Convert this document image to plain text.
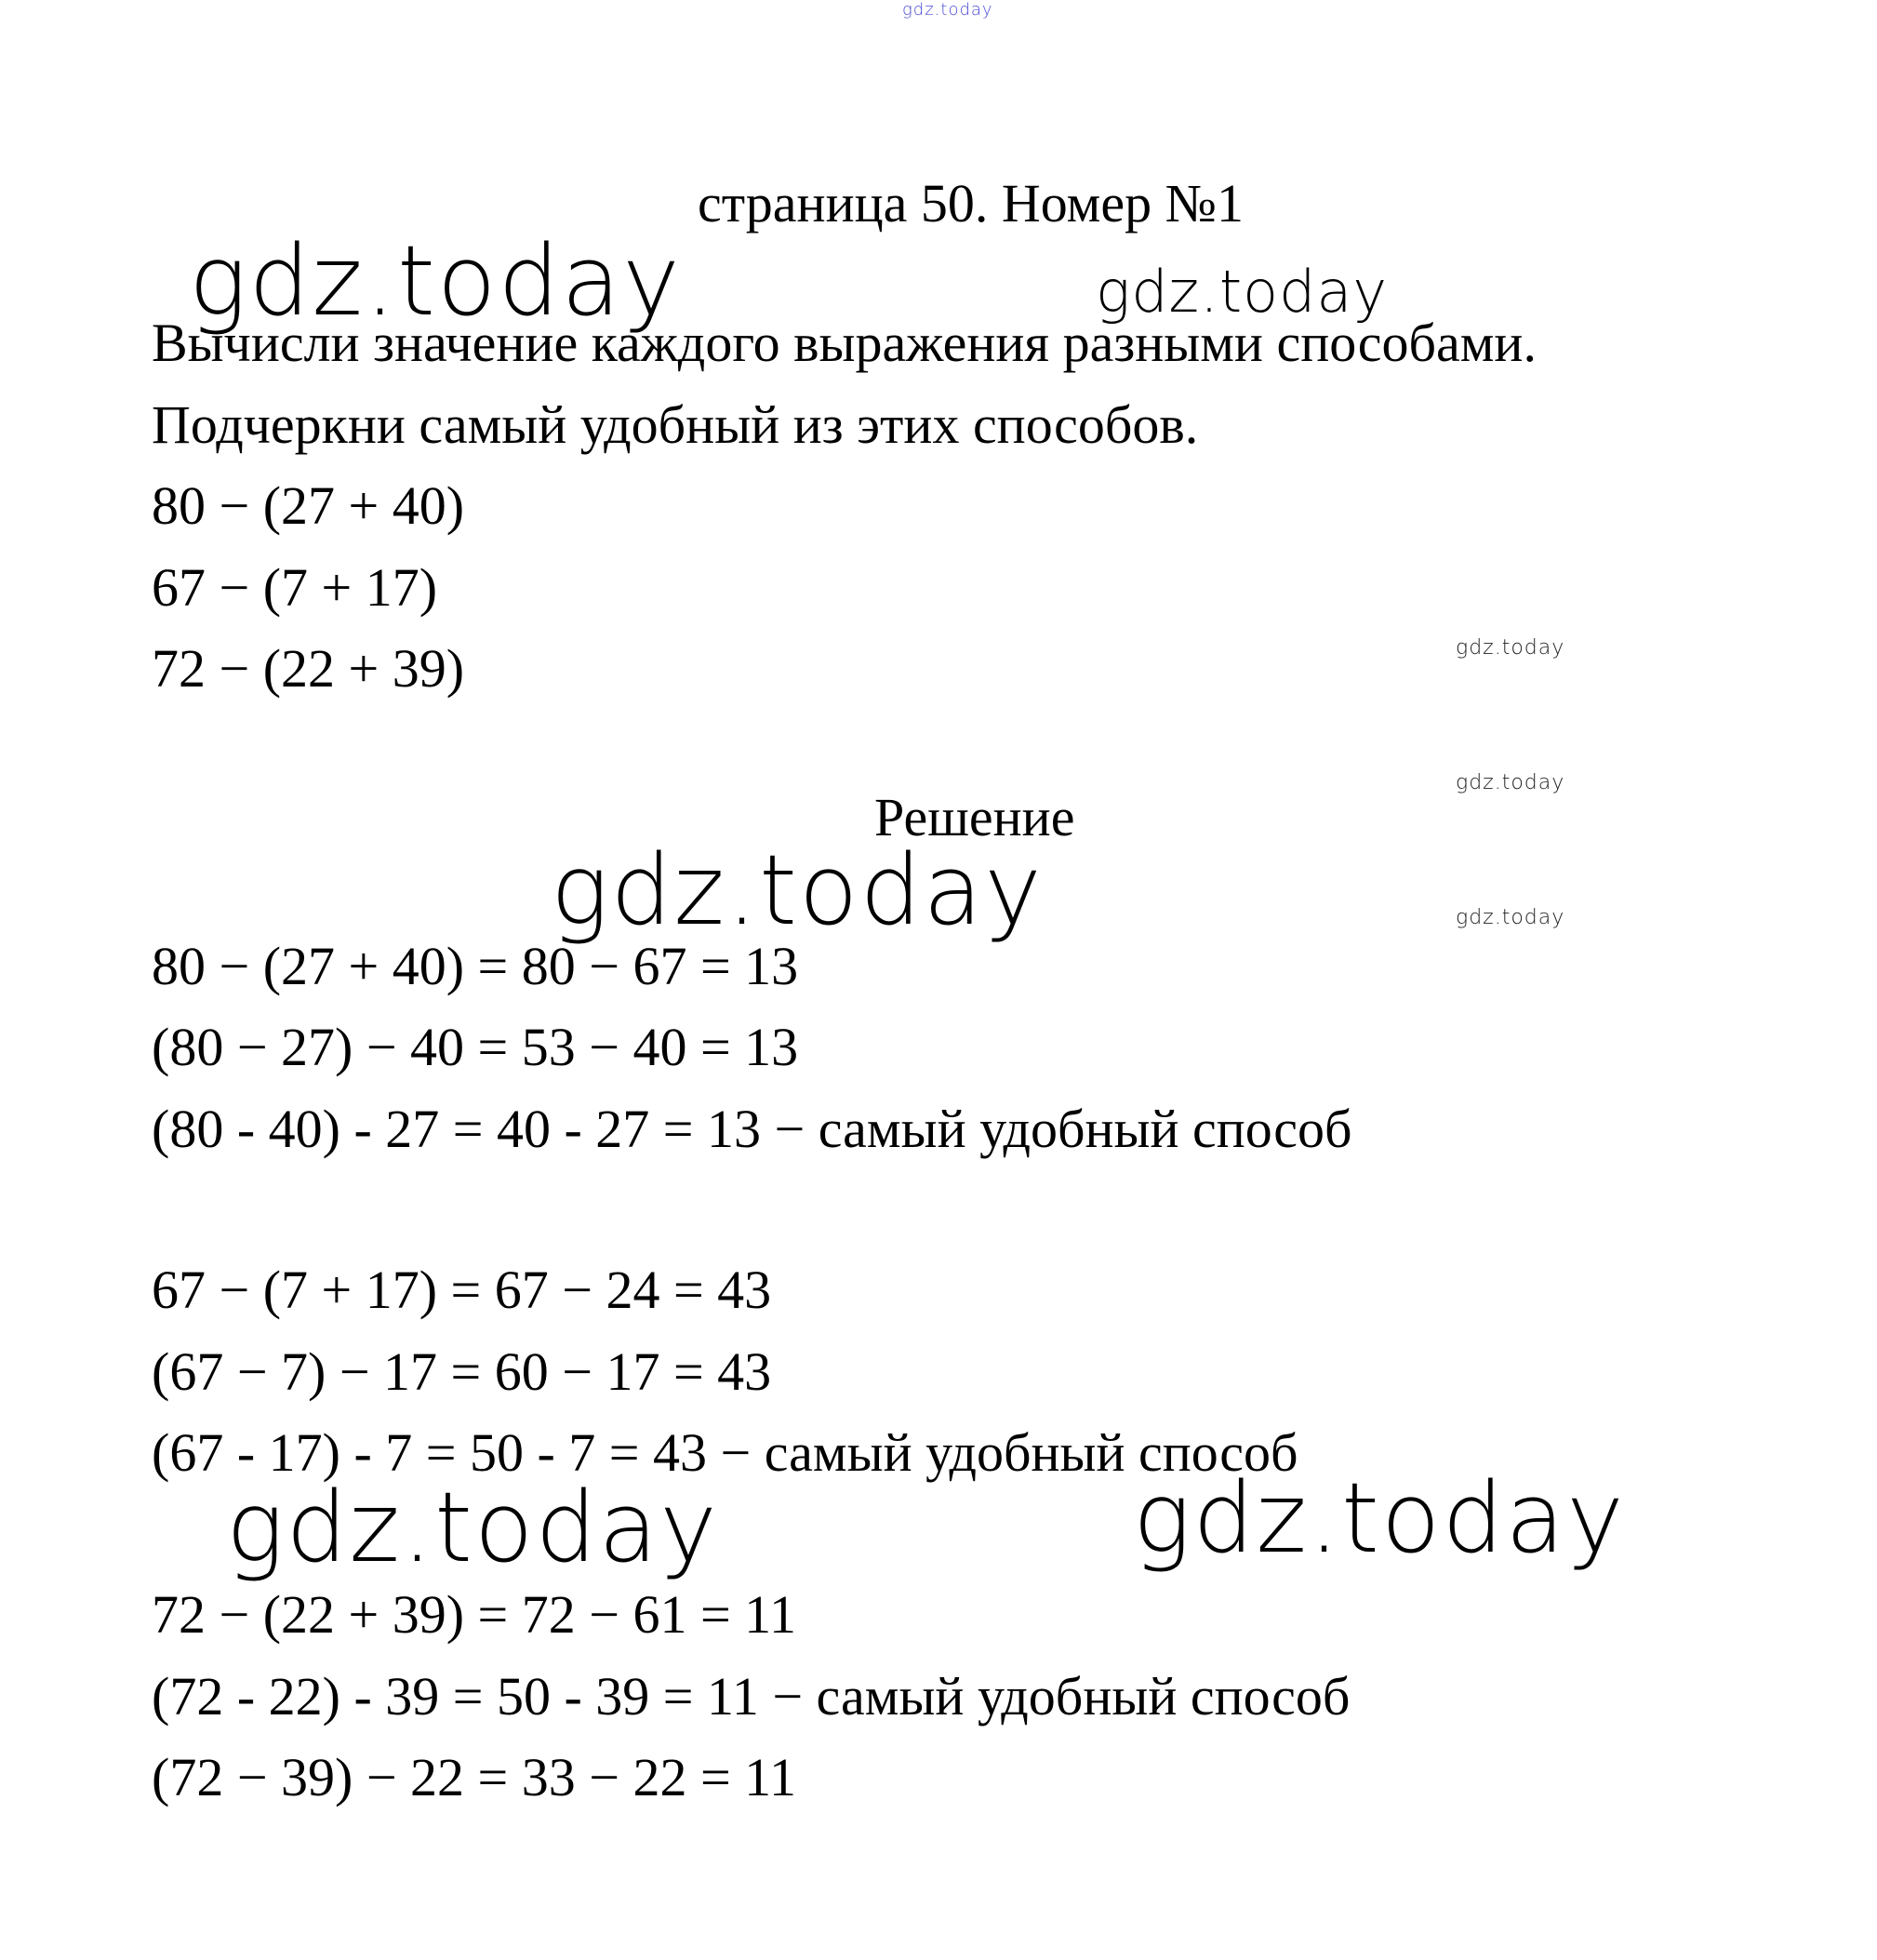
gdz.today
страница 50. Номер №1
gdz.today	gdz.today
Вычисли значение каждого выражения разными способами.
Подчеркни самый удобный из этих способов.
80 − (27 + 40)
67 − (7 + 17)
72 − (22 + 39)	gdz.today
gdz.today
gdz.today
Решение
gdz.today
80 − (27 + 40) = 80 − 67 = 13
(80 − 27) − 40 = 53 − 40 = 13
(80 - 40) - 27 = 40 - 27 = 13 − самый удобный способ
67 − (7 + 17) = 67 − 24 = 43
(67 − 7) − 17 = 60 − 17 = 43
(67 - 17) - 7 = 50 - 7 = 43 − самый удобный способ
gdz.today	gdz.today
72 − (22 + 39) = 72 − 61 = 11
(72 - 22) - 39 = 50 - 39 = 11 − самый удобный способ
(72 − 39) − 22 = 33 − 22 = 11
gdz.today
